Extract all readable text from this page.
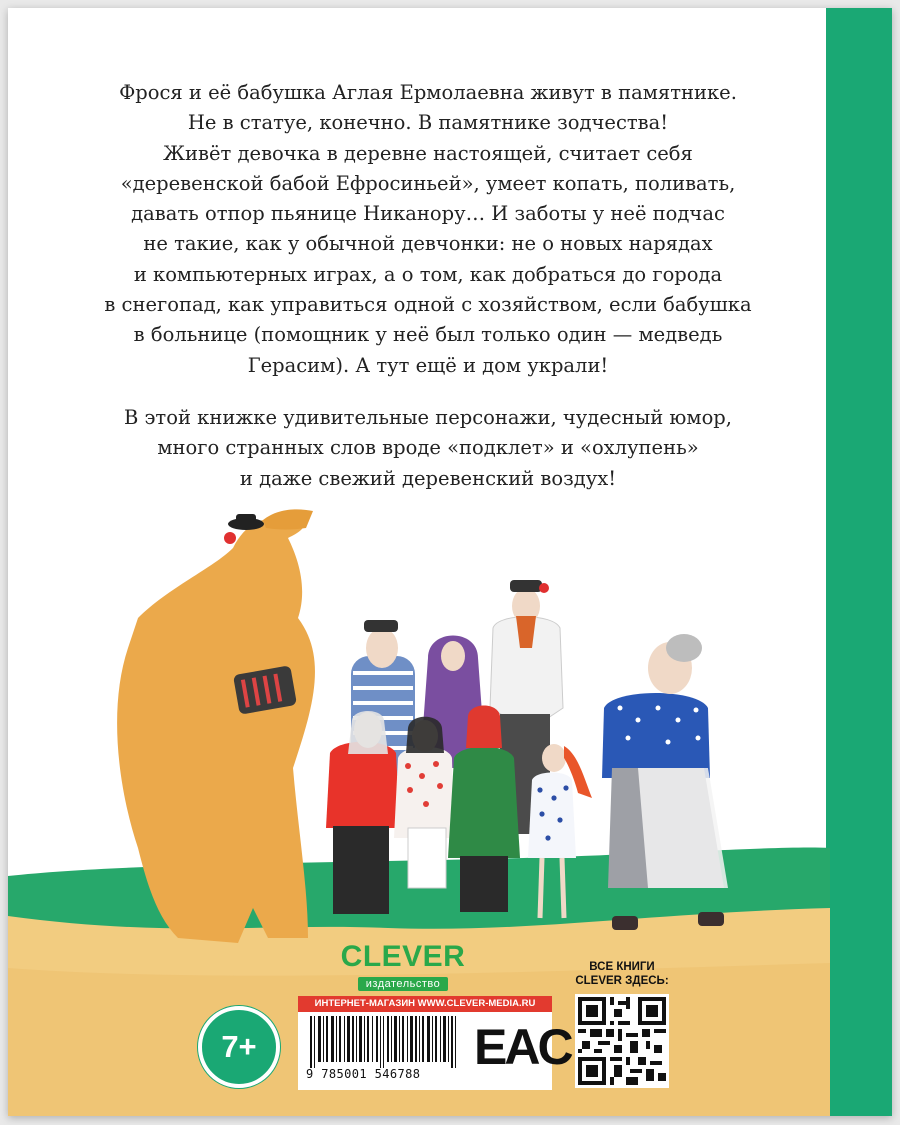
Фрося и её бабушка Аглая Ермолаевна живут в памятнике.
Не в статуе, конечно. В памятнике зодчества!
Живёт девочка в деревне настоящей, считает себя
«деревенской бабой Ефросиньей», умеет копать, поливать,
давать отпор пьянице Никанору… И заботы у неё подчас
не такие, как у обычной девчонки: не о новых нарядах
и компьютерных играх, а о том, как добраться до города
в снегопад, как управиться одной с хозяйством, если бабушка
в больнице (помощник у неё был только один — медведь
Герасим). А тут ещё и дом украли!

В этой книжке удивительные персонажи, чудесный юмор,
много странных слов вроде «подклет» и «охлупень»
и даже свежий деревенский воздух!

CLEVER
издательство
7+
ИНТЕРНЕТ-МАГАЗИН WWW.CLEVER-MEDIA.RU
9 785001 546788	EAC
ВСЕ КНИГИ
CLEVER ЗДЕСЬ:
